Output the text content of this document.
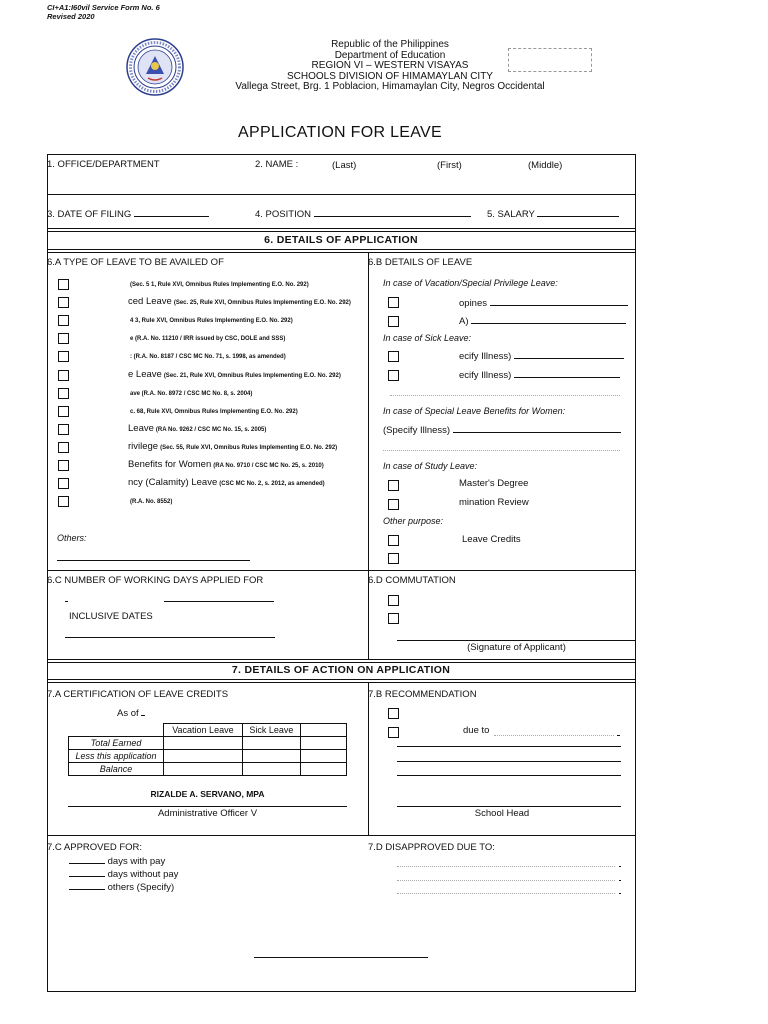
CI+A1:I60vil Service Form No. 6
Revised 2020
Republic of the Philippines
Department of Education
REGION VI – WESTERN VISAYAS
SCHOOLS DIVISION OF HIMAMAYLAN CITY
Vallega Street, Brg. 1 Poblacion, Himamaylan City, Negros Occidental
APPLICATION FOR LEAVE
1. OFFICE/DEPARTMENT	2. NAME :	(Last)	(First)	(Middle)
3. DATE OF FILING	4. POSITION	5. SALARY
6. DETAILS OF APPLICATION
6.A TYPE OF LEAVE TO BE AVAILED OF
(Sec. 5 1, Rule XVI, Omnibus Rules Implementing E.O. No. 292)
ced Leave (Sec. 25, Rule XVI, Omnibus Rules Implementing E.O. No. 292)
4 3, Rule XVI, Omnibus Rules Implementing E.O. No. 292)
e (R.A. No. 11210 / IRR issued by CSC, DOLE and SSS)
: (R.A. No. 8187 / CSC MC No. 71, s. 1998, as amended)
e Leave (Sec. 21, Rule XVI, Omnibus Rules Implementing E.O. No. 292)
ave (R.A. No. 8972 / CSC MC No. 8, s. 2004)
c. 68, Rule XVI, Omnibus Rules Implementing E.O. No. 292)
Leave (RA No. 9262 / CSC MC No. 15, s. 2005)
rivilege (Sec. 55, Rule XVI, Omnibus Rules Implementing E.O. No. 292)
Benefits for Women (RA No. 9710 / CSC MC No. 25, s. 2010)
ncy (Calamity) Leave (CSC MC No. 2, s. 2012, as amended)
(R.A. No. 8552)
Others:
6.B DETAILS OF LEAVE
In case of Vacation/Special Privilege Leave:
opines
A)
In case of Sick Leave:
ecify Illness)
ecify Illness)
In case of Special Leave Benefits for Women:
(Specify Illness)
In case of Study Leave:
Master's Degree
mination Review
Other purpose:
Leave Credits
6.C NUMBER OF WORKING DAYS APPLIED FOR
INCLUSIVE DATES
6.D COMMUTATION
(Signature of Applicant)
7. DETAILS OF ACTION ON APPLICATION
7.A CERTIFICATION OF LEAVE CREDITS
As of
	Vacation Leave	Sick Leave	
Total Earned			
Less this application			
Balance			
RIZALDE A. SERVANO, MPA
Administrative Officer V
7.B RECOMMENDATION
due to
School Head
7.C APPROVED FOR:
days with pay
days without pay
others (Specify)
7.D DISAPPROVED DUE TO:
